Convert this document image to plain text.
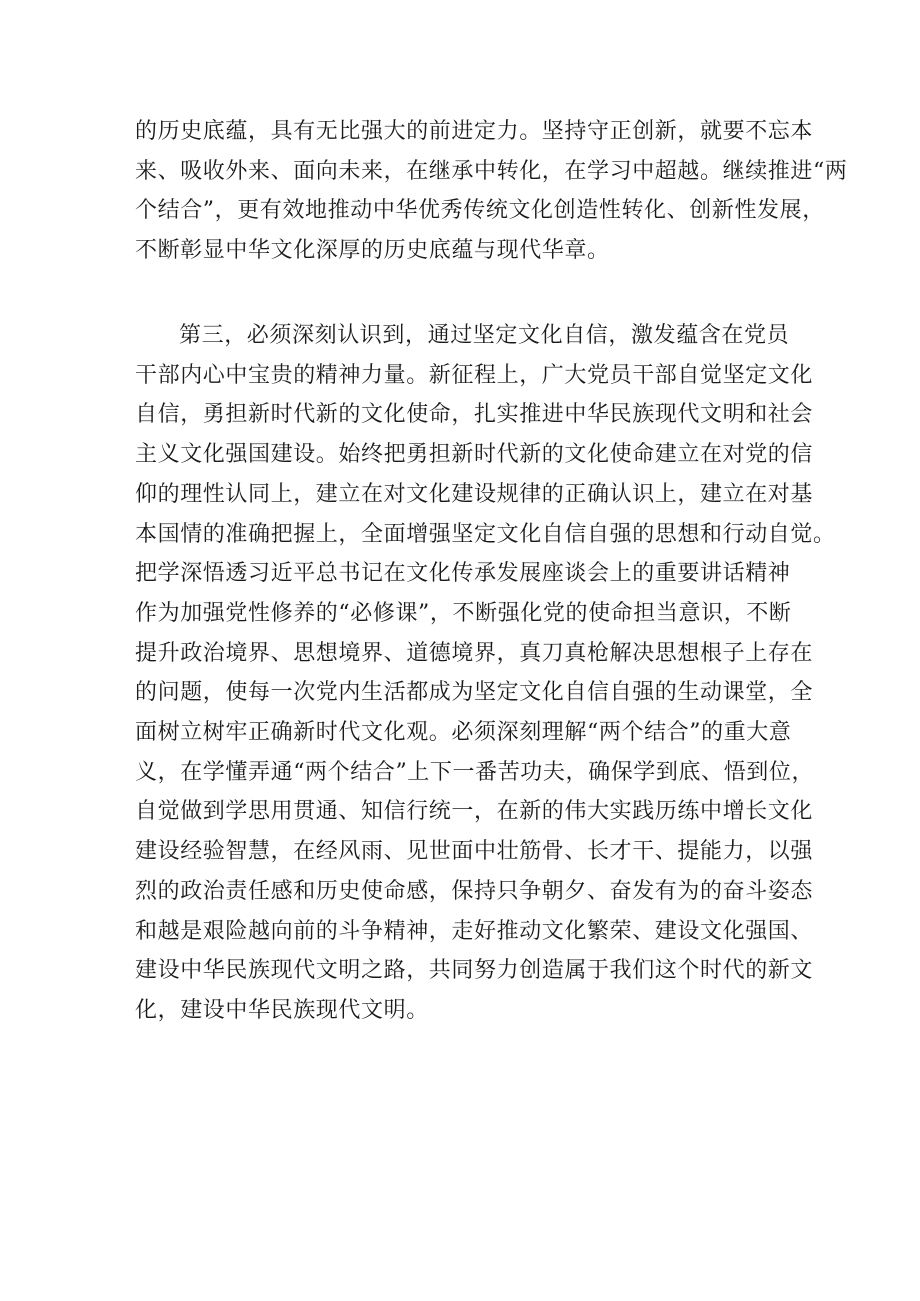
的历史底蕴，具有无比强大的前进定力。坚持守正创新，就要不忘本
来、吸收外来、面向未来，在继承中转化，在学习中超越。继续推进“两
个结合”，更有效地推动中华优秀传统文化创造性转化、创新性发展，
不断彰显中华文化深厚的历史底蕴与现代华章。

第三，必须深刻认识到，通过坚定文化自信，激发蕴含在党员
干部内心中宝贵的精神力量。新征程上，广大党员干部自觉坚定文化
自信，勇担新时代新的文化使命，扎实推进中华民族现代文明和社会
主义文化强国建设。始终把勇担新时代新的文化使命建立在对党的信
仰的理性认同上，建立在对文化建设规律的正确认识上，建立在对基
本国情的准确把握上，全面增强坚定文化自信自强的思想和行动自觉。
把学深悟透习近平总书记在文化传承发展座谈会上的重要讲话精神
作为加强党性修养的“必修课”，不断强化党的使命担当意识，不断
提升政治境界、思想境界、道德境界，真刀真枪解决思想根子上存在
的问题，使每一次党内生活都成为坚定文化自信自强的生动课堂，全
面树立树牢正确新时代文化观。必须深刻理解“两个结合”的重大意
义，在学懂弄通“两个结合”上下一番苦功夫，确保学到底、悟到位，
自觉做到学思用贯通、知信行统一，在新的伟大实践历练中增长文化
建设经验智慧，在经风雨、见世面中壮筋骨、长才干、提能力，以强
烈的政治责任感和历史使命感，保持只争朝夕、奋发有为的奋斗姿态
和越是艰险越向前的斗争精神，走好推动文化繁荣、建设文化强国、
建设中华民族现代文明之路，共同努力创造属于我们这个时代的新文
化，建设中华民族现代文明。
